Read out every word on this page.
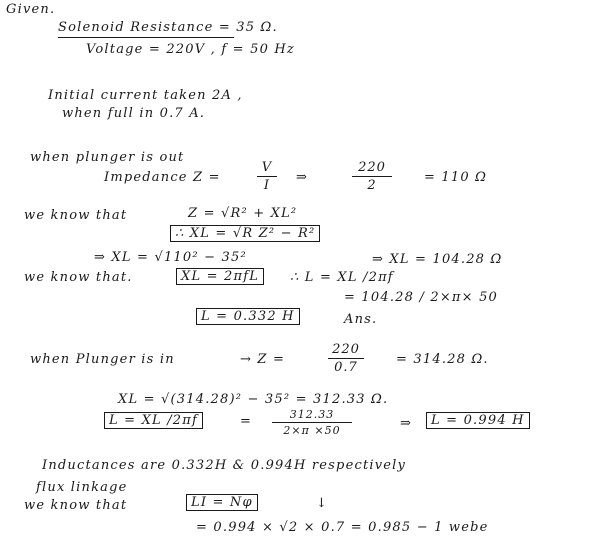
Given.
Solenoid Resistance = 35 Ω.
Voltage = 220V , f = 50 Hz
Initial current taken 2A ,
when full in 0.7 A.
when plunger is out
Impedance Z =
V
I
⇒
220
2
= 110 Ω
we know that	Z = √R² + XL²
∴ XL = √R Z² − R²
⇒ XL = √110² − 35²	⇒ XL = 104.28 Ω
we know that.	XL = 2πfL	∴ L = XL /2πf
= 104.28 / 2×π× 50
L = 0.332 H	Ans.
when Plunger is in	→ Z =
220
0.7
= 314.28 Ω.
XL = √(314.28)² − 35² = 312.33 Ω.
L = XL /2πf	=	312.33
2×π ×50	⇒	L = 0.994 H
Inductances are 0.332H & 0.994H respectively
flux linkage
we know that	LI = Nφ	↓
= 0.994 × √2 × 0.7 = 0.985 − 1 webe
